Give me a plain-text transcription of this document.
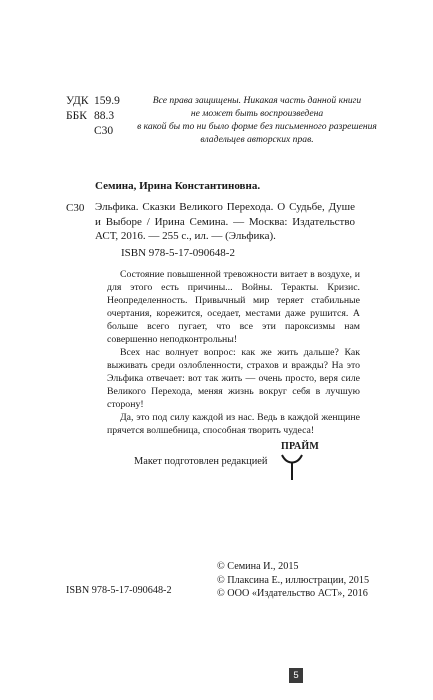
УДК 159.9
ББК 88.3
С30
Все права защищены. Никакая часть данной книги
не может быть воспроизведена
в какой бы то ни было форме без письменного разрешения
владельцев авторских прав.
Семина, Ирина Константиновна.
С30 Эльфика. Сказки Великого Перехода. О Судьбе, Душе и Выборе / Ирина Семина. — Москва: Издательство АСТ, 2016. — 255 с., ил. — (Эльфика).
ISBN 978-5-17-090648-2

Состояние повышенной тревожности витает в воздухе, и для этого есть причины... Войны. Теракты. Кризис. Неопределенность. Привычный мир теряет стабильные очертания, корежится, оседает, местами даже рушится. А больше всего пугает, что все эти пароксизмы нам совершенно неподконтрольны!

Всех нас волнует вопрос: как же жить дальше? Как выживать среди озлобленности, страхов и вражды? На это Эльфика отвечает: вот так жить — очень просто, веря силе Великого Перехода, меняя жизнь вокруг себя в лучшую сторону!

Да, это под силу каждой из нас. Ведь в каждой женщине прячется волшебница, способная творить чудеса!

Макет подготовлен редакцией
ПРАЙМ
ISBN 978-5-17-090648-2
© Семина И., 2015
© Плаксина Е., иллюстрации, 2015
© ООО «Издательство АСТ», 2016
5
